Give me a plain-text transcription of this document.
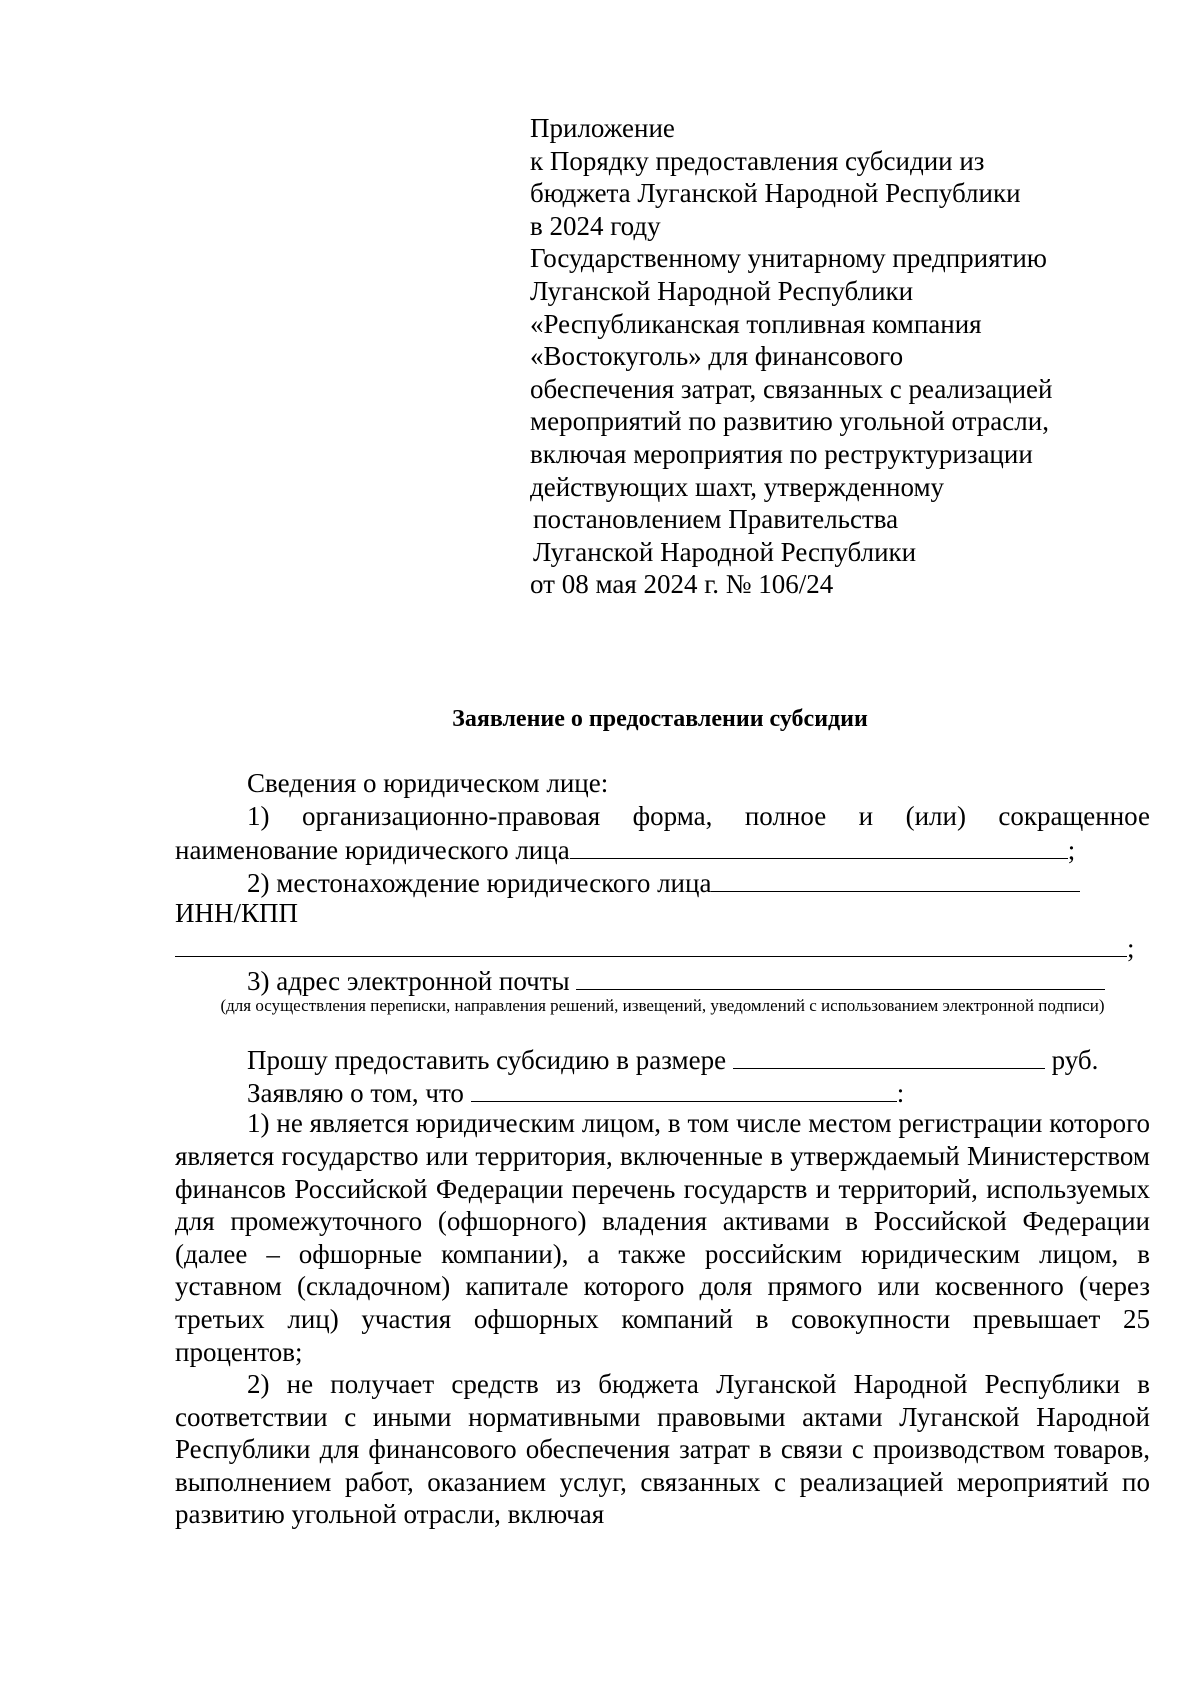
Приложение
к Порядку предоставления субсидии из
бюджета Луганской Народной Республики
в 2024 году
Государственному унитарному предприятию
Луганской Народной Республики
«Республиканская топливная компания
«Востокуголь» для финансового
обеспечения затрат, связанных с реализацией
мероприятий по развитию угольной отрасли,
включая мероприятия по реструктуризации
действующих шахт, утвержденному
постановлением Правительства
Луганской Народной Республики
от 08 мая 2024 г. № 106/24
Заявление о предоставлении субсидии
Сведения о юридическом лице:
1) организационно-правовая форма, полное и (или) сокращенное
наименование юридического лица	;
2) местонахождение юридического лица
ИНН/КПП
;
3) адрес электронной почты
(для осуществления переписки, направления решений, извещений, уведомлений с использованием электронной подписи)
Прошу предоставить субсидию в размере	руб.
Заявляю о том, что	:

1) не является юридическим лицом, в том числе местом регистрации которого является государство или территория, включенные в утверждаемый Министерством финансов Российской Федерации перечень государств и территорий, используемых для промежуточного (офшорного) владения активами в Российской Федерации (далее – офшорные компании), а также российским юридическим лицом, в уставном (складочном) капитале которого доля прямого или косвенного (через третьих лиц) участия офшорных компаний в совокупности превышает 25 процентов;

2) не получает средств из бюджета Луганской Народной Республики в соответствии с иными нормативными правовыми актами Луганской Народной Республики для финансового обеспечения затрат в связи с производством товаров, выполнением работ, оказанием услуг, связанных с реализацией мероприятий по развитию угольной отрасли, включая
